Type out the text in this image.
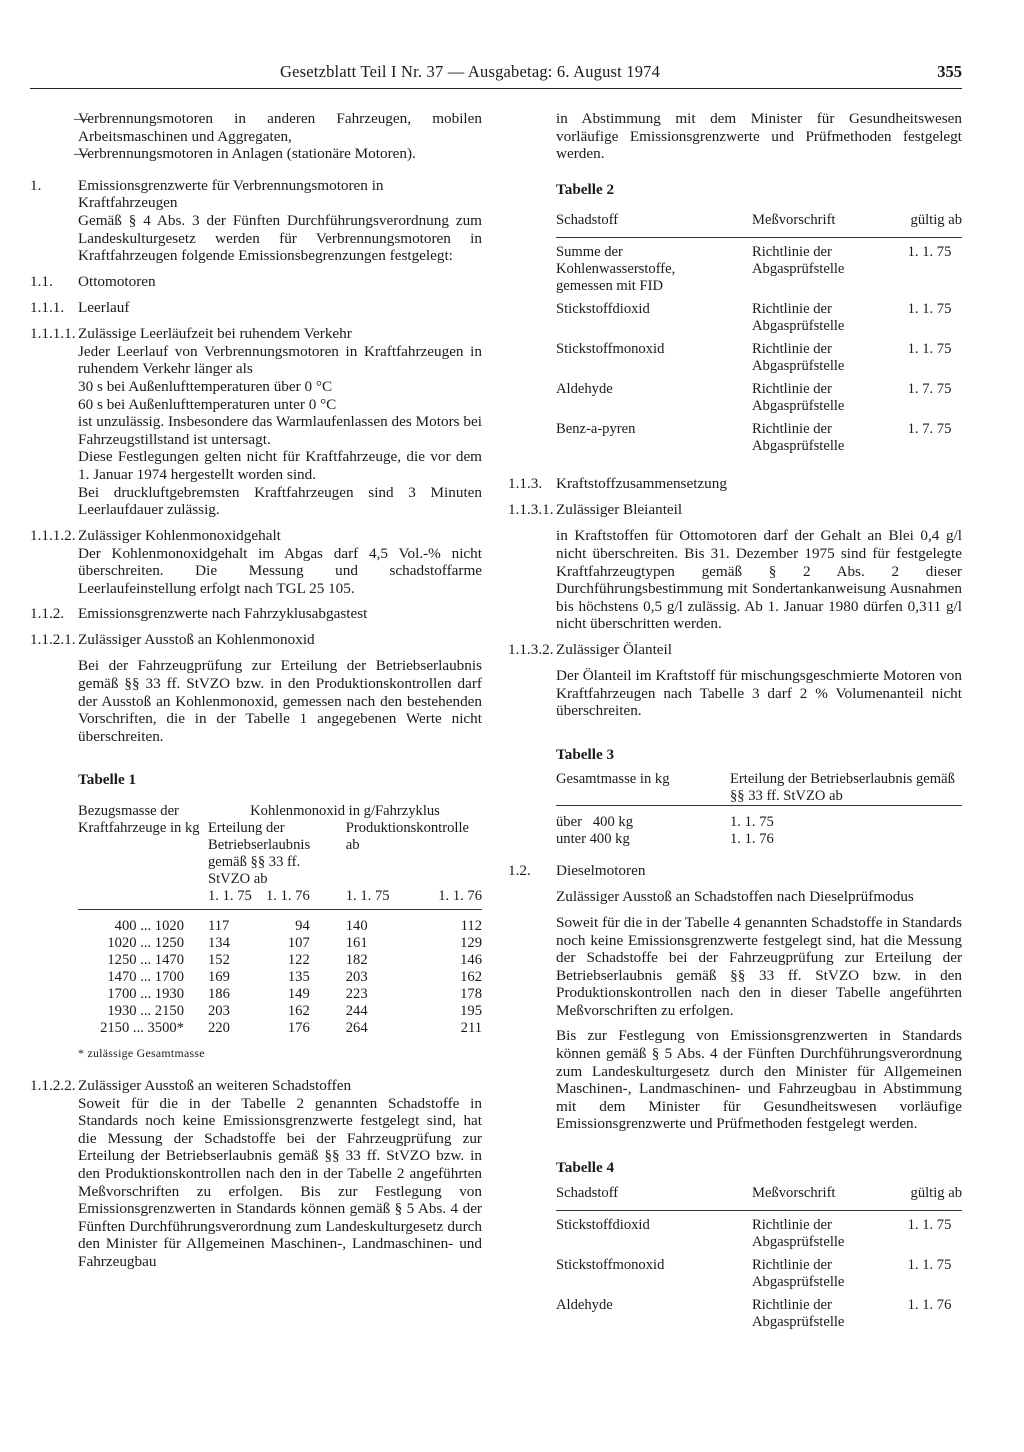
Gesetzblatt Teil I Nr. 37 — Ausgabetag: 6. August 1974	355

— Verbrennungsmotoren in anderen Fahrzeugen, mobilen Arbeitsmaschinen und Aggregaten,

— Verbrennungsmotoren in Anlagen (stationäre Motoren).

1. Emissionsgrenzwerte für Verbrennungsmotoren in Kraftfahrzeugen

Gemäß § 4 Abs. 3 der Fünften Durchführungsverordnung zum Landeskulturgesetz werden für Verbrennungsmotoren in Kraftfahrzeugen folgende Emissionsbegrenzungen festgelegt:

1.1. Ottomotoren
1.1.1. Leerlauf
1.1.1.1. Zulässige Leerläufzeit bei ruhendem Verkehr

Jeder Leerlauf von Verbrennungsmotoren in Kraftfahrzeugen in ruhendem Verkehr länger als

30 s bei Außenlufttemperaturen über 0 °C

60 s bei Außenlufttemperaturen unter 0 °C

ist unzulässig. Insbesondere das Warmlaufenlassen des Motors bei Fahrzeugstillstand ist untersagt.

Diese Festlegungen gelten nicht für Kraftfahrzeuge, die vor dem 1. Januar 1974 hergestellt worden sind.

Bei druckluftgebremsten Kraftfahrzeugen sind 3 Minuten Leerlaufdauer zulässig.

1.1.1.2. Zulässiger Kohlenmonoxidgehalt

Der Kohlenmonoxidgehalt im Abgas darf 4,5 Vol.-% nicht überschreiten. Die Messung und schadstoffarme Leerlaufeinstellung erfolgt nach TGL 25 105.

1.1.2. Emissionsgrenzwerte nach Fahrzyklusabgastest
1.1.2.1. Zulässiger Ausstoß an Kohlenmonoxid

Bei der Fahrzeugprüfung zur Erteilung der Betriebserlaubnis gemäß §§ 33 ff. StVZO bzw. in den Produktionskontrollen darf der Ausstoß an Kohlenmonoxid, gemessen nach den bestehenden Vorschriften, die in der Tabelle 1 angegebenen Werte nicht überschreiten.

Tabelle 1
Bezugsmasse der Kraftfahrzeuge in kg	Kohlenmonoxid in g/Fahrzyklus			
	Erteilung der Betriebserlaubnis gemäß §§ 33 ff. StVZO ab		Produktionskontrolle ab	
	1. 1. 75	1. 1. 76	1. 1. 75	1. 1. 76

400 ... 1020	117	94	140	112
1020 ... 1250	134	107	161	129
1250 ... 1470	152	122	182	146
1470 ... 1700	169	135	203	162
1700 ... 1930	186	149	223	178
1930 ... 2150	203	162	244	195
2150 ... 3500*	220	176	264	211
* zulässige Gesamtmasse
1.1.2.2. Zulässiger Ausstoß an weiteren Schadstoffen

Soweit für die in der Tabelle 2 genannten Schadstoffe in Standards noch keine Emissionsgrenzwerte festgelegt sind, hat die Messung der Schadstoffe bei der Fahrzeugprüfung zur Erteilung der Betriebserlaubnis gemäß §§ 33 ff. StVZO bzw. in den Produktionskontrollen nach den in der Tabelle 2 angeführten Meßvorschriften zu erfolgen. Bis zur Festlegung von Emissionsgrenzwerten in Standards können gemäß § 5 Abs. 4 der Fünften Durchführungsverordnung zum Landeskulturgesetz durch den Minister für Allgemeinen Maschinen-, Landmaschinen- und Fahrzeugbau

in Abstimmung mit dem Minister für Gesundheitswesen vorläufige Emissionsgrenzwerte und Prüfmethoden festgelegt werden.

Tabelle 2
Schadstoff	Meßvorschrift	gültig ab

Summe der Kohlenwasserstoffe, gemessen mit FID	Richtlinie der Abgasprüfstelle	1. 1. 75
Stickstoffdioxid	Richtlinie der Abgasprüfstelle	1. 1. 75
Stickstoffmonoxid	Richtlinie der Abgasprüfstelle	1. 1. 75
Aldehyde	Richtlinie der Abgasprüfstelle	1. 7. 75
Benz-a-pyren	Richtlinie der Abgasprüfstelle	1. 7. 75
1.1.3. Kraftstoffzusammensetzung
1.1.3.1. Zulässiger Bleianteil

in Kraftstoffen für Ottomotoren darf der Gehalt an Blei 0,4 g/l nicht überschreiten. Bis 31. Dezember 1975 sind für festgelegte Kraftfahrzeugtypen gemäß § 2 Abs. 2 dieser Durchführungsbestimmung mit Sondertankanweisung Ausnahmen bis höchstens 0,5 g/l zulässig. Ab 1. Januar 1980 dürfen 0,311 g/l nicht überschritten werden.

1.1.3.2. Zulässiger Ölanteil

Der Ölanteil im Kraftstoff für mischungsgeschmierte Motoren von Kraftfahrzeugen nach Tabelle 3 darf 2 % Volumenanteil nicht überschreiten.

Tabelle 3
Gesamtmasse in kg	Erteilung der Betriebserlaubnis gemäß §§ 33 ff. StVZO ab

über   400 kg	1. 1. 75
unter 400 kg	1. 1. 76
1.2. Dieselmotoren

Zulässiger Ausstoß an Schadstoffen nach Dieselprüfmodus

Soweit für die in der Tabelle 4 genannten Schadstoffe in Standards noch keine Emissionsgrenzwerte festgelegt sind, hat die Messung der Schadstoffe bei der Fahrzeugprüfung zur Erteilung der Betriebserlaubnis gemäß §§ 33 ff. StVZO bzw. in den Produktionskontrollen nach den in dieser Tabelle angeführten Meßvorschriften zu erfolgen.

Bis zur Festlegung von Emissionsgrenzwerten in Standards können gemäß § 5 Abs. 4 der Fünften Durchführungsverordnung zum Landeskulturgesetz durch den Minister für Allgemeinen Maschinen-, Landmaschinen- und Fahrzeugbau in Abstimmung mit dem Minister für Gesundheitswesen vorläufige Emissionsgrenzwerte und Prüfmethoden festgelegt werden.

Tabelle 4
Schadstoff	Meßvorschrift	gültig ab

Stickstoffdioxid	Richtlinie der Abgasprüfstelle	1. 1. 75
Stickstoffmonoxid	Richtlinie der Abgasprüfstelle	1. 1. 75
Aldehyde	Richtlinie der Abgasprüfstelle	1. 1. 76
